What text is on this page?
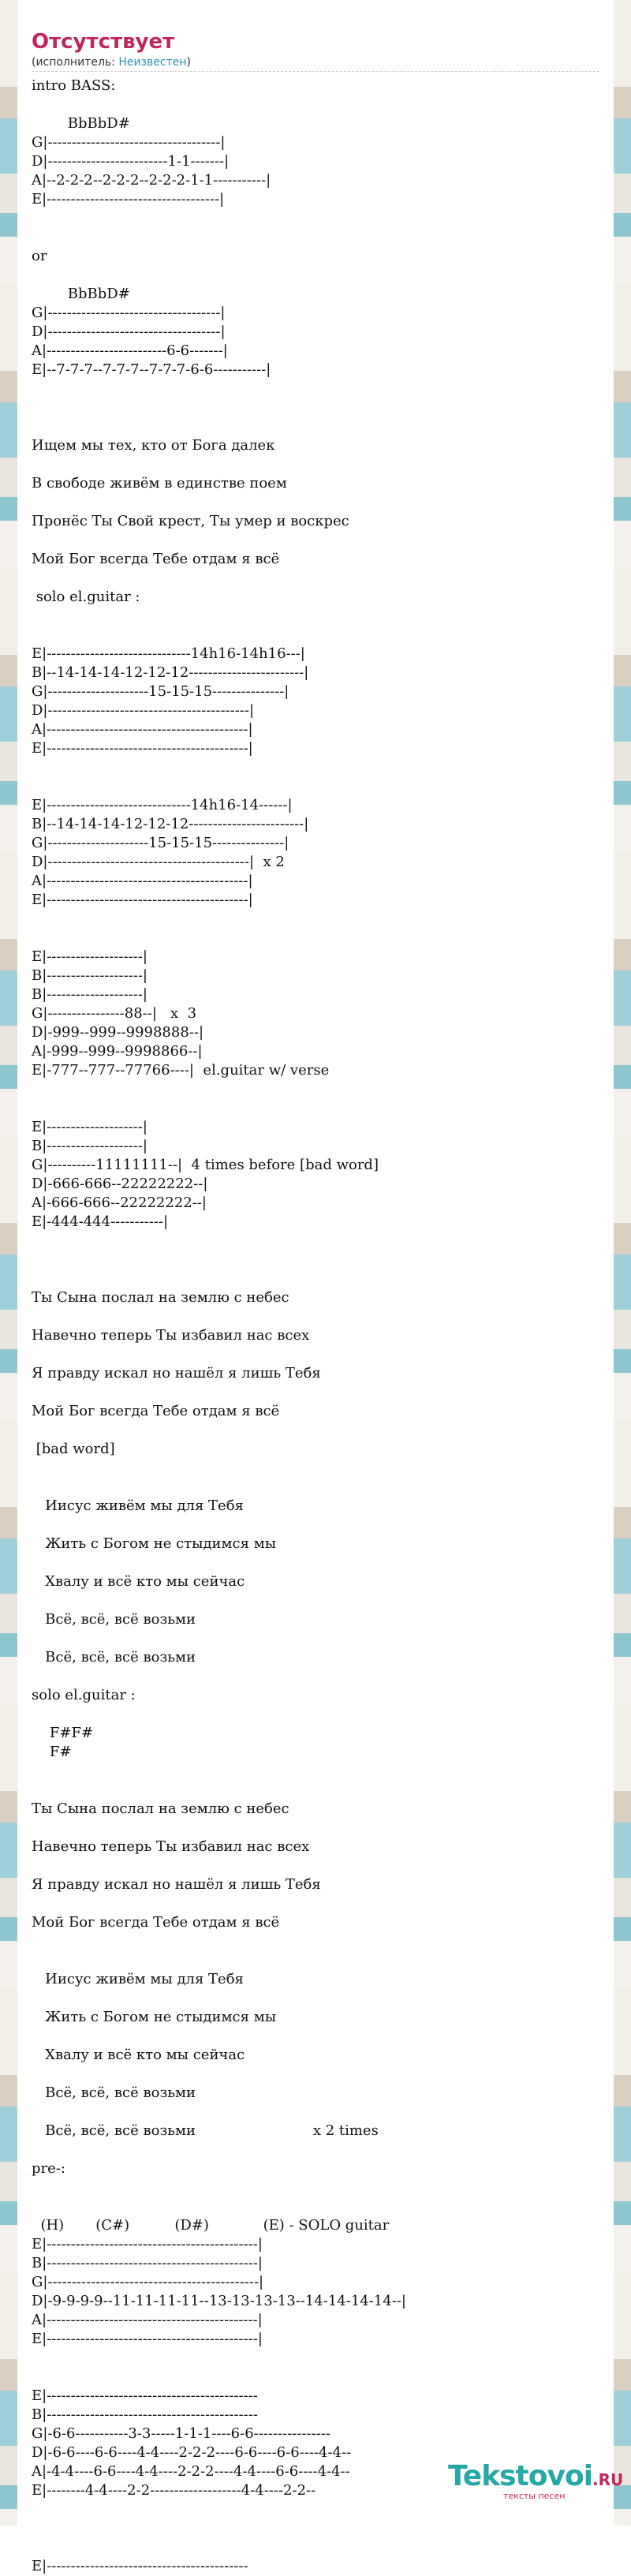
Отсутствует
(исполнитель: Неизвестен)
intro BASS:

BbBbD#
G|------------------------------------|
D|-------------------------1-1-------|
A|--2-2-2--2-2-2--2-2-2-1-1-----------|
E|------------------------------------|

or

BbBbD#
G|------------------------------------|
D|------------------------------------|
A|-------------------------6-6-------|
E|--7-7-7--7-7-7--7-7-7-6-6-----------|

Ищем мы тех, кто от Бога далек

В свободе живём в единстве поем

Пронёс Ты Свой крест, Ты умер и воскрес

Мой Бог всегда Тебе отдам я всё

solo el.guitar :

E|------------------------------14h16-14h16---|
B|--14-14-14-12-12-12------------------------|
G|---------------------15-15-15---------------|
D|------------------------------------------|
A|------------------------------------------|
E|------------------------------------------|

E|------------------------------14h16-14------|
B|--14-14-14-12-12-12------------------------|
G|---------------------15-15-15---------------|
D|------------------------------------------|  x 2
A|------------------------------------------|
E|------------------------------------------|

E|--------------------|
B|--------------------|
B|--------------------|
G|----------------88--|   x  3
D|-999--999--9998888--|
A|-999--999--9998866--|
E|-777--777--77766----|  el.guitar w/ verse

E|--------------------|
B|--------------------|
G|----------11111111--|  4 times before [bad word]
D|-666-666--22222222--|
A|-666-666--22222222--|
E|-444-444-----------|

Ты Сына послал на землю с небес

Навечно теперь Ты избавил нас всех

Я правду искал но нашёл я лишь Тебя

Мой Бог всегда Тебе отдам я всё

[bad word]

Иисус живём мы для Тебя

Жить с Богом не стыдимся мы

Хвалу и всё кто мы сейчас

Всё, всё, всё возьми

Всё, всё, всё возьми

solo el.guitar :

F#F#
F#

Ты Сына послал на землю с небес

Навечно теперь Ты избавил нас всех

Я правду искал но нашёл я лишь Тебя

Мой Бог всегда Тебе отдам я всё

Иисус живём мы для Тебя

Жить с Богом не стыдимся мы

Хвалу и всё кто мы сейчас

Всё, всё, всё возьми

Всё, всё, всё возьми                          x 2 times

pre-:

(H)       (C#)          (D#)            (E) - SOLO guitar
E|--------------------------------------------|
B|--------------------------------------------|
G|--------------------------------------------|
D|-9-9-9-9--11-11-11-11--13-13-13-13--14-14-14-14--|
A|--------------------------------------------|
E|--------------------------------------------|

E|--------------------------------------------
B|--------------------------------------------
G|-6-6-----------3-3-----1-1-1----6-6----------------
D|-6-6----6-6----4-4----2-2-2----6-6----6-6----4-4--
A|-4-4----6-6----4-4----2-2-2----4-4----6-6----4-4--
E|--------4-4----2-2-------------------4-4----2-2--

E|------------------------------------------
Tekstovoi.RU
тексты песен
